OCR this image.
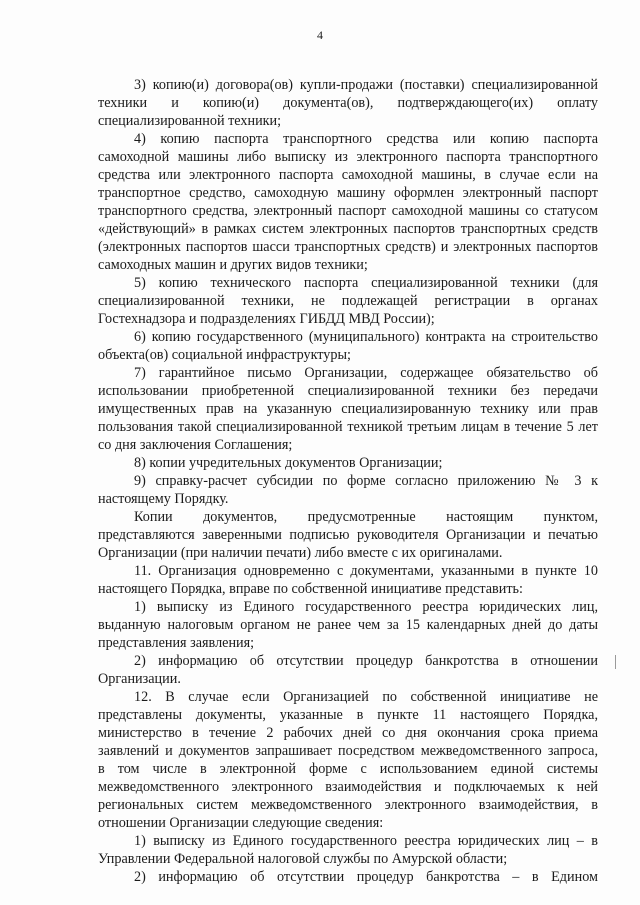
4
3) копию(и) договора(ов) купли-продажи (поставки) специализированной
техники и копию(и) документа(ов), подтверждающего(их) оплату
специализированной техники;
4) копию паспорта транспортного средства или копию паспорта
самоходной машины либо выписку из электронного паспорта транспортного
средства или электронного паспорта самоходной машины, в случае если на
транспортное средство, самоходную машину оформлен электронный паспорт
транспортного средства, электронный паспорт самоходной машины со статусом
«действующий» в рамках систем электронных паспортов транспортных средств
(электронных паспортов шасси транспортных средств) и электронных паспортов
самоходных машин и других видов техники;
5) копию технического паспорта специализированной техники (для
специализированной техники, не подлежащей регистрации в органах
Гостехнадзора и подразделениях ГИБДД МВД России);
6) копию государственного (муниципального) контракта на строительство
объекта(ов) социальной инфраструктуры;
7) гарантийное письмо Организации, содержащее обязательство об
использовании приобретенной специализированной техники без передачи
имущественных прав на указанную специализированную технику или прав
пользования такой специализированной техникой третьим лицам в течение 5 лет
со дня заключения Соглашения;
8) копии учредительных документов Организации;
9) справку-расчет субсидии по форме согласно приложению № 3 к
настоящему Порядку.
Копии документов, предусмотренные настоящим пунктом,
представляются заверенными подписью руководителя Организации и печатью
Организации (при наличии печати) либо вместе с их оригиналами.
11. Организация одновременно с документами, указанными в пункте 10
настоящего Порядка, вправе по собственной инициативе представить:
1) выписку из Единого государственного реестра юридических лиц,
выданную налоговым органом не ранее чем за 15 календарных дней до даты
представления заявления;
2) информацию об отсутствии процедур банкротства в отношении
Организации.
12. В случае если Организацией по собственной инициативе не
представлены документы, указанные в пункте 11 настоящего Порядка,
министерство в течение 2 рабочих дней со дня окончания срока приема
заявлений и документов запрашивает посредством межведомственного запроса,
в том числе в электронной форме с использованием единой системы
межведомственного электронного взаимодействия и подключаемых к ней
региональных систем межведомственного электронного взаимодействия, в
отношении Организации следующие сведения:
1) выписку из Единого государственного реестра юридических лиц – в
Управлении Федеральной налоговой службы по Амурской области;
2) информацию об отсутствии процедур банкротства – в Едином
